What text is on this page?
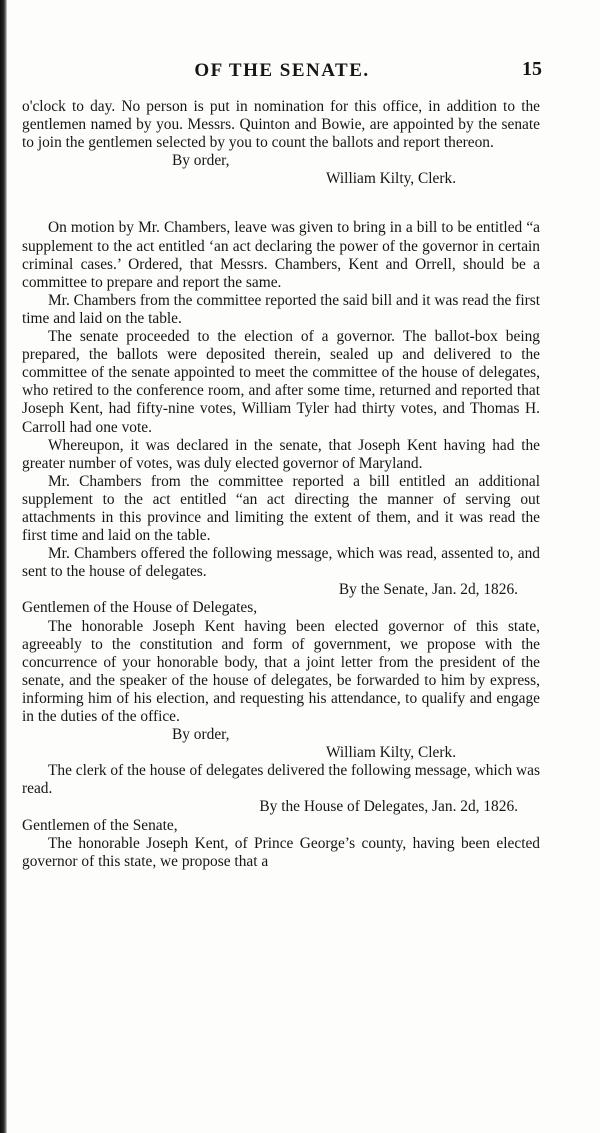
OF THE SENATE.	15

o'clock to day. No person is put in nomination for this office, in addition to the gentlemen named by you. Messrs. Quinton and Bowie, are appointed by the senate to join the gentlemen selected by you to count the ballots and report thereon.

By order,

William Kilty, Clerk.

On motion by Mr. Chambers, leave was given to bring in a bill to be entitled “a supplement to the act entitled ‘an act declaring the power of the governor in certain criminal cases.’ Ordered, that Messrs. Chambers, Kent and Orrell, should be a committee to prepare and report the same.

Mr. Chambers from the committee reported the said bill and it was read the first time and laid on the table.

The senate proceeded to the election of a governor. The ballot-box being prepared, the ballots were deposited therein, sealed up and delivered to the committee of the senate appointed to meet the committee of the house of delegates, who retired to the conference room, and after some time, returned and reported that Joseph Kent, had fifty-nine votes, William Tyler had thirty votes, and Thomas H. Carroll had one vote.

Whereupon, it was declared in the senate, that Joseph Kent having had the greater number of votes, was duly elected governor of Maryland.

Mr. Chambers from the committee reported a bill entitled an additional supplement to the act entitled “an act directing the manner of serving out attachments in this province and limiting the extent of them, and it was read the first time and laid on the table.

Mr. Chambers offered the following message, which was read, assented to, and sent to the house of delegates.

By the Senate, Jan. 2d, 1826.

Gentlemen of the House of Delegates,

The honorable Joseph Kent having been elected governor of this state, agreeably to the constitution and form of government, we propose with the concurrence of your honorable body, that a joint letter from the president of the senate, and the speaker of the house of delegates, be forwarded to him by express, informing him of his election, and requesting his attendance, to qualify and engage in the duties of the office.

By order,

William Kilty, Clerk.

The clerk of the house of delegates delivered the following message, which was read.

By the House of Delegates, Jan. 2d, 1826.

Gentlemen of the Senate,

The honorable Joseph Kent, of Prince George’s county, having been elected governor of this state, we propose that a
